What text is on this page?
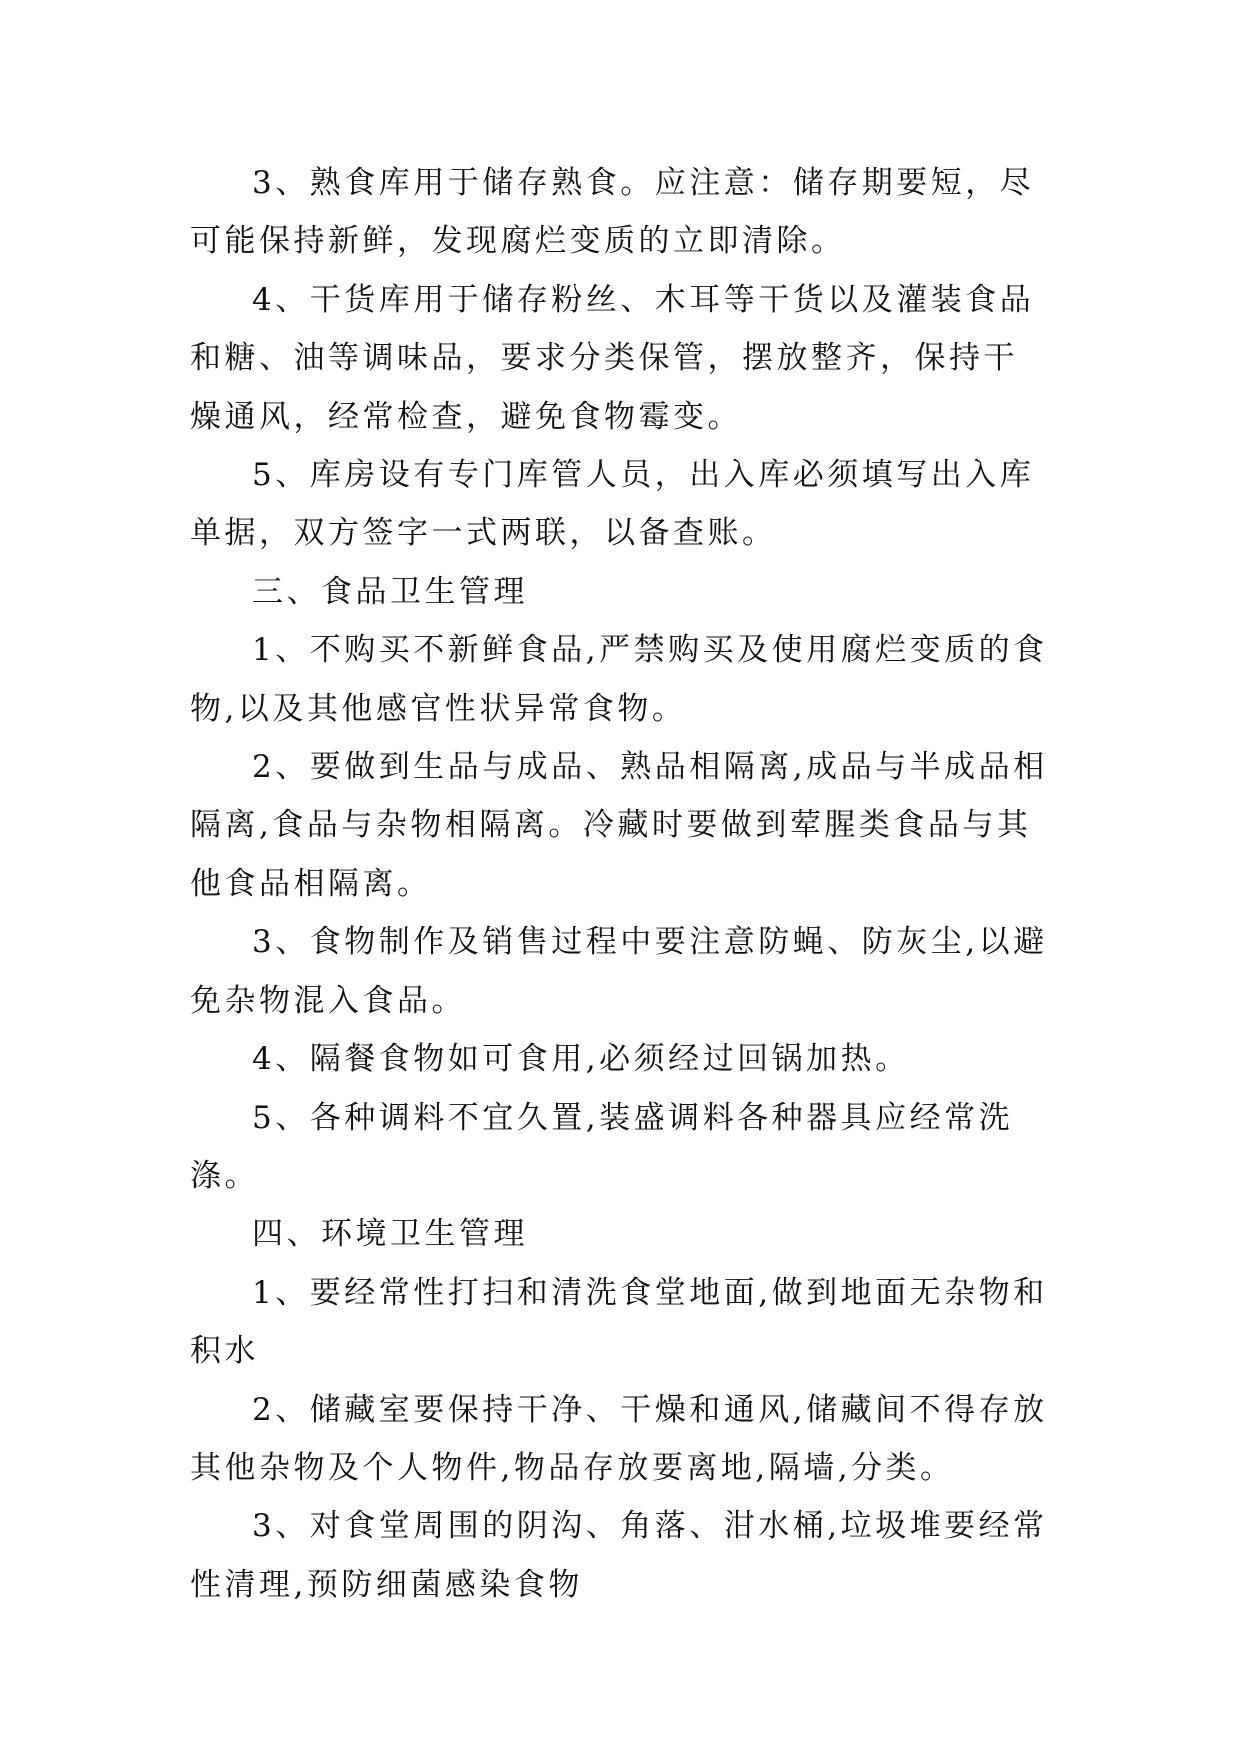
3、熟食库用于储存熟食。应注意：储存期要短，尽可能保持新鲜，发现腐烂变质的立即清除。

4、干货库用于储存粉丝、木耳等干货以及灌装食品和糖、油等调味品，要求分类保管，摆放整齐，保持干燥通风，经常检查，避免食物霉变。

5、库房设有专门库管人员，出入库必须填写出入库单据，双方签字一式两联，以备查账。

三、食品卫生管理

1、不购买不新鲜食品,严禁购买及使用腐烂变质的食物,以及其他感官性状异常食物。

2、要做到生品与成品、熟品相隔离,成品与半成品相隔离,食品与杂物相隔离。冷藏时要做到荤腥类食品与其他食品相隔离。

3、食物制作及销售过程中要注意防蝇、防灰尘,以避免杂物混入食品。

4、隔餐食物如可食用,必须经过回锅加热。

5、各种调料不宜久置,装盛调料各种器具应经常洗涤。

四、环境卫生管理

1、要经常性打扫和清洗食堂地面,做到地面无杂物和积水

2、储藏室要保持干净、干燥和通风,储藏间不得存放其他杂物及个人物件,物品存放要离地,隔墙,分类。

3、对食堂周围的阴沟、角落、泔水桶,垃圾堆要经常性清理,预防细菌感染食物
